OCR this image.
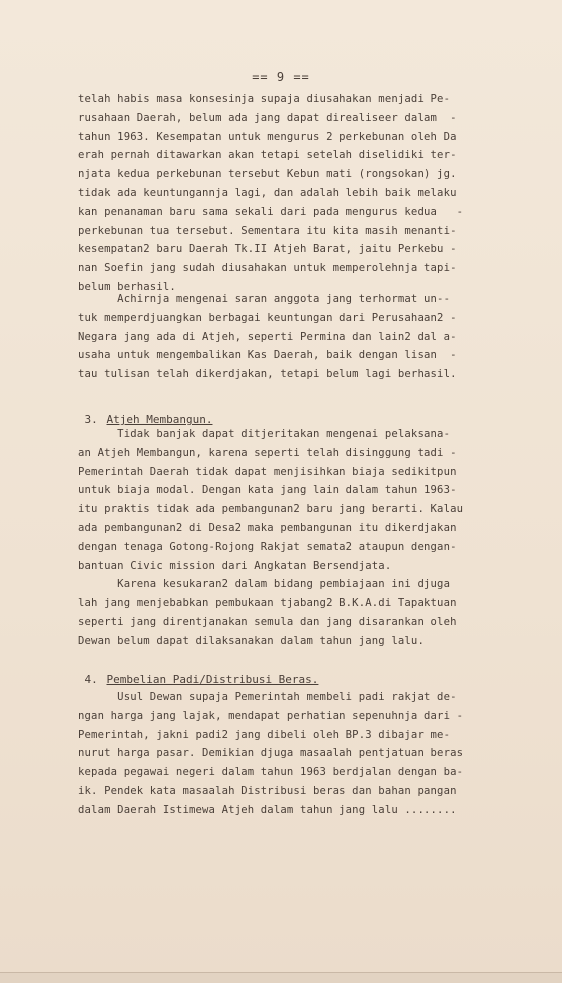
== 9 ==
telah habis masa konsesinja supaja diusahakan menjadi Pe-
rusahaan Daerah, belum ada jang dapat direaliseer dalam  -
tahun 1963. Kesempatan untuk mengurus 2 perkebunan oleh Da
erah pernah ditawarkan akan tetapi setelah diselidiki ter-
njata kedua perkebunan tersebut Kebun mati (rongsokan) jg.
tidak ada keuntungannja lagi, dan adalah lebih baik melaku
kan penanaman baru sama sekali dari pada mengurus kedua   -
perkebunan tua tersebut. Sementara itu kita masih menanti-
kesempatan2 baru Daerah Tk.II Atjeh Barat, jaitu Perkebu -
nan Soefin jang sudah diusahakan untuk memperolehnja tapi-
belum berhasil.
Achirnja mengenai saran anggota jang terhormat un--
tuk memperdjuangkan berbagai keuntungan dari Perusahaan2 -
Negara jang ada di Atjeh, seperti Permina dan lain2 dal a-
usaha untuk mengembalikan Kas Daerah, baik dengan lisan  -
tau tulisan telah dikerdjakan, tetapi belum lagi berhasil.

3. Atjeh Membangun.

Tidak banjak dapat ditjeritakan mengenai pelaksana-
an Atjeh Membangun, karena seperti telah disinggung tadi -
Pemerintah Daerah tidak dapat menjisihkan biaja sedikitpun
untuk biaja modal. Dengan kata jang lain dalam tahun 1963-
itu praktis tidak ada pembangunan2 baru jang berarti. Kalau
ada pembangunan2 di Desa2 maka pembangunan itu dikerdjakan
dengan tenaga Gotong-Rojong Rakjat semata2 ataupun dengan-
bantuan Civic mission dari Angkatan Bersendjata.
Karena kesukaran2 dalam bidang pembiajaan ini djuga
lah jang menjebabkan pembukaan tjabang2 B.K.A.di Tapaktuan
seperti jang direntjanakan semula dan jang disarankan oleh
Dewan belum dapat dilaksanakan dalam tahun jang lalu.

4. Pembelian Padi/Distribusi Beras.

Usul Dewan supaja Pemerintah membeli padi rakjat de-
ngan harga jang lajak, mendapat perhatian sepenuhnja dari -
Pemerintah, jakni padi2 jang dibeli oleh BP.3 dibajar me-
nurut harga pasar. Demikian djuga masaalah pentjatuan beras
kepada pegawai negeri dalam tahun 1963 berdjalan dengan ba-
ik. Pendek kata masaalah Distribusi beras dan bahan pangan
dalam Daerah Istimewa Atjeh dalam tahun jang lalu ........
